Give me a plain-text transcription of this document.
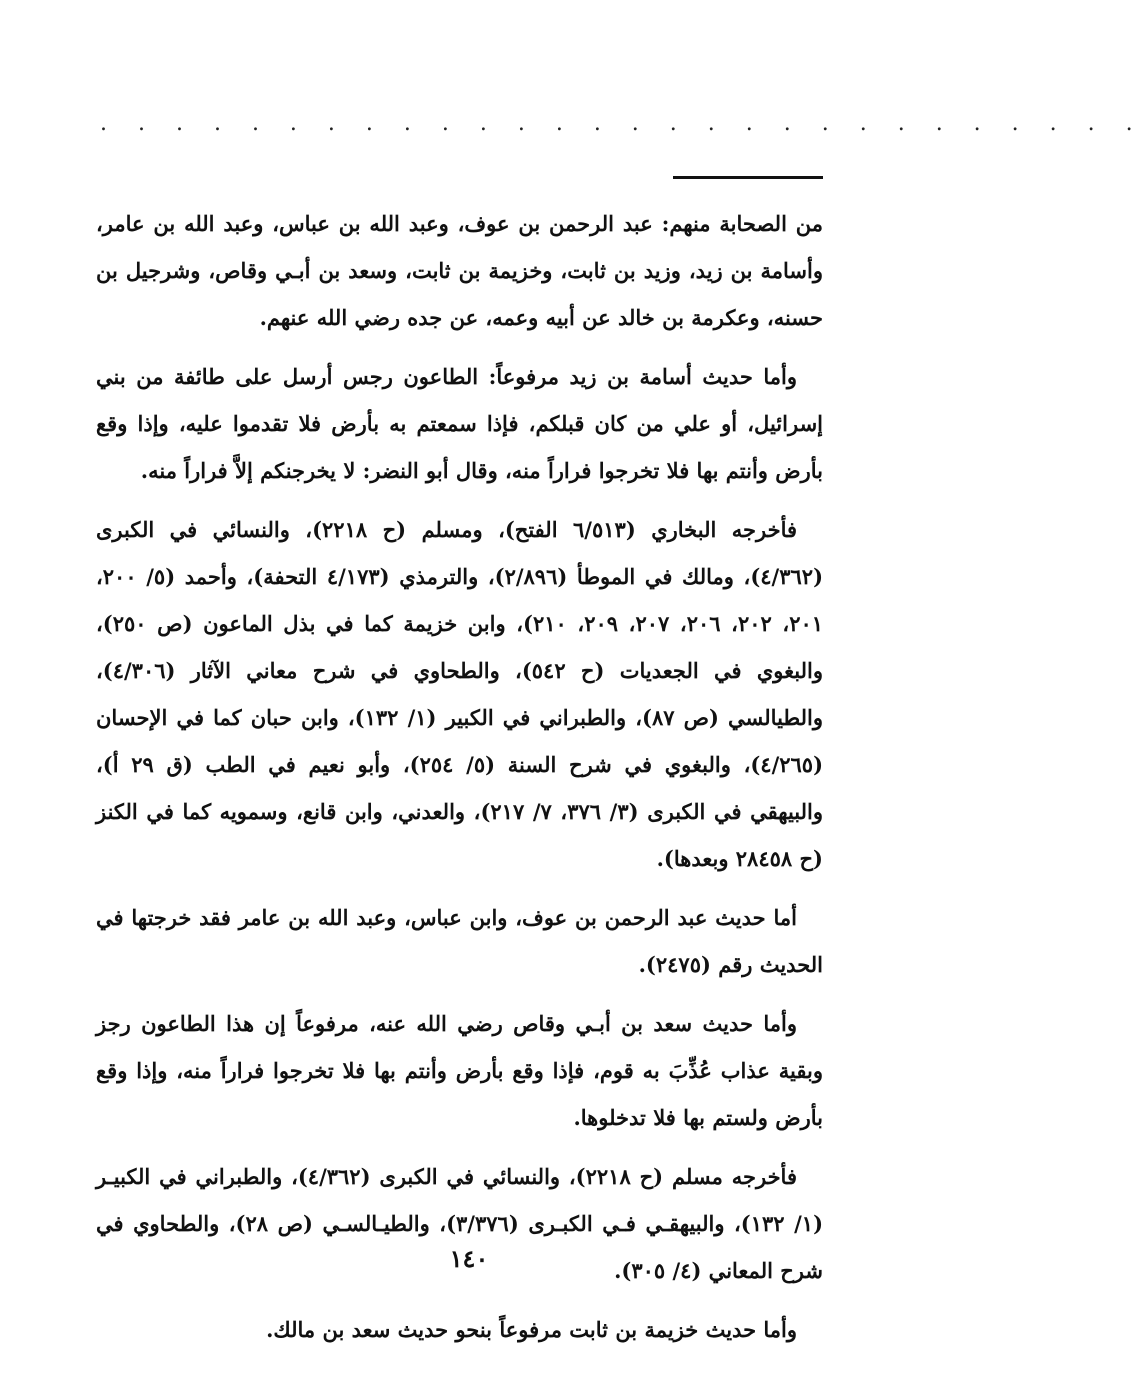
. . . . . . . . . . . . . . . . . . . . . . . . . . . .

من الصحابة منهم: عبد الرحمن بن عوف، وعبد الله بن عباس، وعبد الله بن عامر، وأسامة بن زيد، وزيد بن ثابت، وخزيمة بن ثابت، وسعد بن أبـي وقاص، وشرجيل بن حسنه، وعكرمة بن خالد عن أبيه وعمه، عن جده رضي الله عنهم.

وأما حديث أسامة بن زيد مرفوعاً: الطاعون رجس أرسل على طائفة من بني إسرائيل، أو علي من كان قبلكم، فإذا سمعتم به بأرض فلا تقدموا عليه، وإذا وقع بأرض وأنتم بها فلا تخرجوا فراراً منه، وقال أبو النضر: لا يخرجنكم إلاَّ فراراً منه.

فأخرجه البخاري (٦/٥١٣ الفتح)، ومسلم (ح ٢٢١٨)، والنسائي في الكبرى (٤/٣٦٢)، ومالك في الموطأ (٢/٨٩٦)، والترمذي (٤/١٧٣ التحفة)، وأحمد (٥/ ٢٠٠، ٢٠١، ٢٠٢، ٢٠٦، ٢٠٧، ٢٠٩، ٢١٠)، وابن خزيمة كما في بذل الماعون (ص ٢٥٠)، والبغوي في الجعديات (ح ٥٤٢)، والطحاوي في شرح معاني الآثار (٤/٣٠٦)، والطيالسي (ص ٨٧)، والطبراني في الكبير (١/ ١٣٢)، وابن حبان كما في الإحسان (٤/٢٦٥)، والبغوي في شرح السنة (٥/ ٢٥٤)، وأبو نعيم في الطب (ق ٢٩ أ)، والبيهقي في الكبرى (٣/ ٣٧٦، ٧/ ٢١٧)، والعدني، وابن قانع، وسمويه كما في الكنز (ح ٢٨٤٥٨ وبعدها).

أما حديث عبد الرحمن بن عوف، وابن عباس، وعبد الله بن عامر فقد خرجتها في الحديث رقم (٢٤٧٥).

وأما حديث سعد بن أبـي وقاص رضي الله عنه، مرفوعاً إن هذا الطاعون رجز وبقية عذاب عُذِّبَ به قوم، فإذا وقع بأرض وأنتم بها فلا تخرجوا فراراً منه، وإذا وقع بأرض ولستم بها فلا تدخلوها.

فأخرجه مسلم (ح ٢٢١٨)، والنسائي في الكبرى (٤/٣٦٢)، والطبراني في الكبيـر (١/ ١٣٢)، والبيهقـي فـي الكبـرى (٣/٣٧٦)، والطيـالسـي (ص ٢٨)، والطحاوي في شرح المعاني (٤/ ٣٠٥).

وأما حديث خزيمة بن ثابت مرفوعاً بنحو حديث سعد بن مالك.

١٤٠
